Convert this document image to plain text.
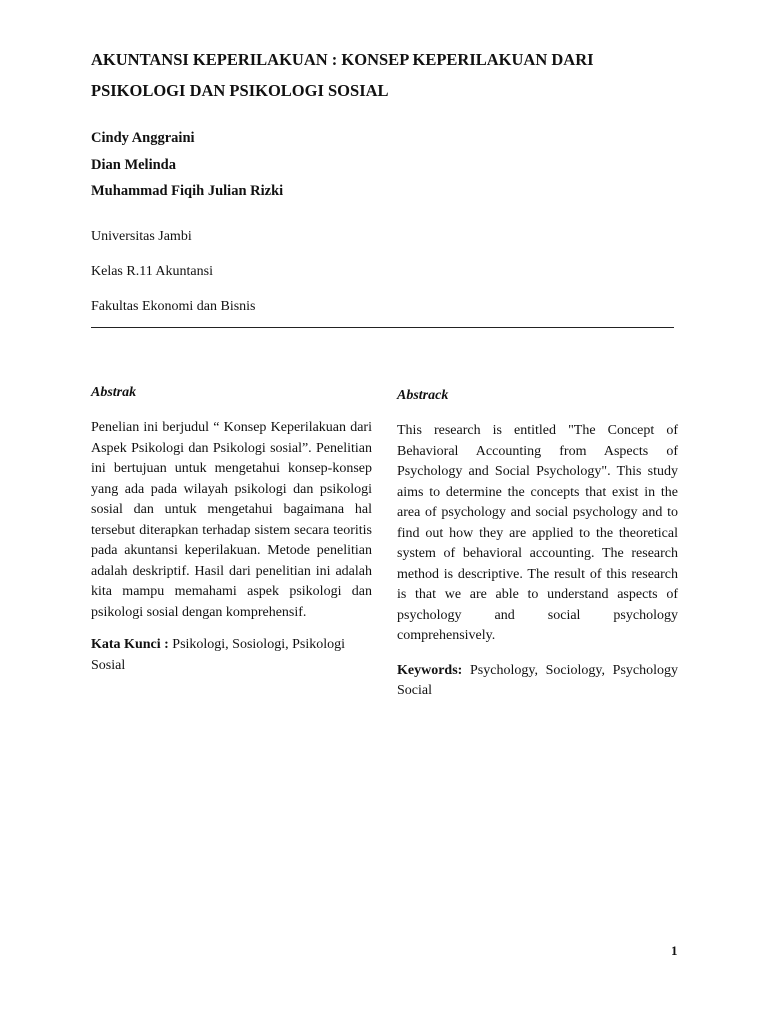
AKUNTANSI KEPERILAKUAN : KONSEP KEPERILAKUAN DARI PSIKOLOGI DAN PSIKOLOGI SOSIAL
Cindy Anggraini
Dian Melinda
Muhammad Fiqih Julian Rizki
Universitas Jambi
Kelas R.11 Akuntansi
Fakultas Ekonomi dan Bisnis
Abstrak

Penelian ini berjudul “ Konsep Keperilakuan dari Aspek Psikologi dan Psikologi sosial”. Penelitian ini bertujuan untuk mengetahui konsep-konsep yang ada pada wilayah psikologi dan psikologi sosial dan untuk mengetahui bagaimana hal tersebut diterapkan terhadap sistem secara teoritis pada akuntansi keperilakuan. Metode penelitian adalah deskriptif. Hasil dari penelitian ini adalah kita mampu memahami aspek psikologi dan psikologi sosial dengan komprehensif.

Kata Kunci : Psikologi, Sosiologi, Psikologi Sosial

Abstrack

This research is entitled "The Concept of Behavioral Accounting from Aspects of Psychology and Social Psychology". This study aims to determine the concepts that exist in the area of psychology and social psychology and to find out how they are applied to the theoretical system of behavioral accounting. The research method is descriptive. The result of this research is that we are able to understand aspects of psychology and social psychology comprehensively.

Keywords: Psychology, Sociology, Psychology Social

1
